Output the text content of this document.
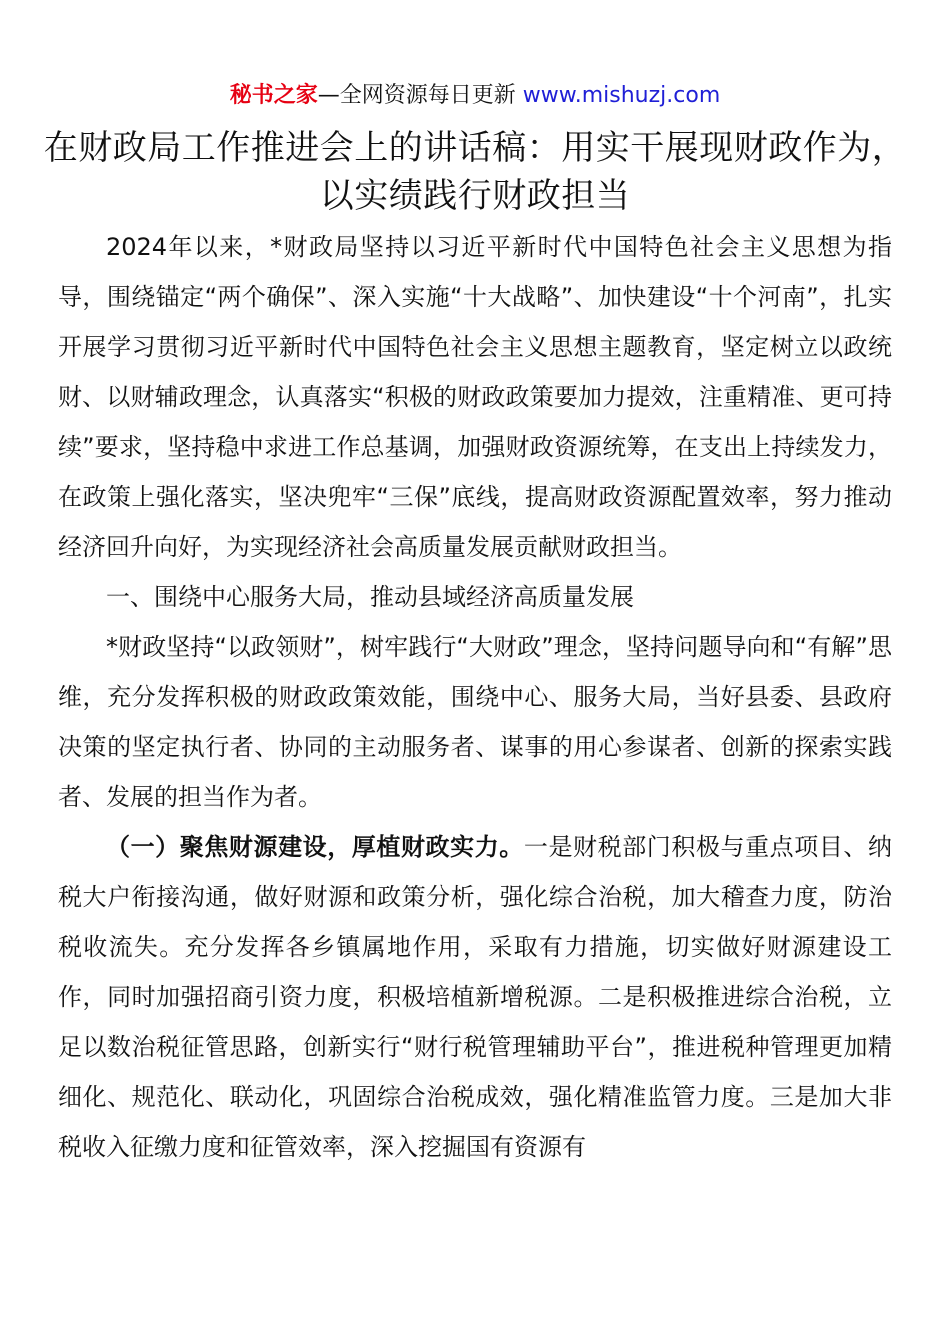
秘书之家—全网资源每日更新 www.mishuzj.com
在财政局工作推进会上的讲话稿：用实干展现财政作为，以实绩践行财政担当

2024年以来，*财政局坚持以习近平新时代中国特色社会主义思想为指导，围绕锚定“两个确保”、深入实施“十大战略”、加快建设“十个河南”，扎实开展学习贯彻习近平新时代中国特色社会主义思想主题教育，坚定树立以政统财、以财辅政理念，认真落实“积极的财政政策要加力提效，注重精准、更可持续”要求，坚持稳中求进工作总基调，加强财政资源统筹，在支出上持续发力，在政策上强化落实，坚决兜牢“三保”底线，提高财政资源配置效率，努力推动经济回升向好，为实现经济社会高质量发展贡献财政担当。

一、围绕中心服务大局，推动县域经济高质量发展

*财政坚持“以政领财”，树牢践行“大财政”理念，坚持问题导向和“有解”思维，充分发挥积极的财政政策效能，围绕中心、服务大局，当好县委、县政府决策的坚定执行者、协同的主动服务者、谋事的用心参谋者、创新的探索实践者、发展的担当作为者。

（一）聚焦财源建设，厚植财政实力。一是财税部门积极与重点项目、纳税大户衔接沟通，做好财源和政策分析，强化综合治税，加大稽查力度，防治税收流失。充分发挥各乡镇属地作用，采取有力措施，切实做好财源建设工作，同时加强招商引资力度，积极培植新增税源。二是积极推进综合治税，立足以数治税征管思路，创新实行“财行税管理辅助平台”，推进税种管理更加精细化、规范化、联动化，巩固综合治税成效，强化精准监管力度。三是加大非税收入征缴力度和征管效率，深入挖掘国有资源有
